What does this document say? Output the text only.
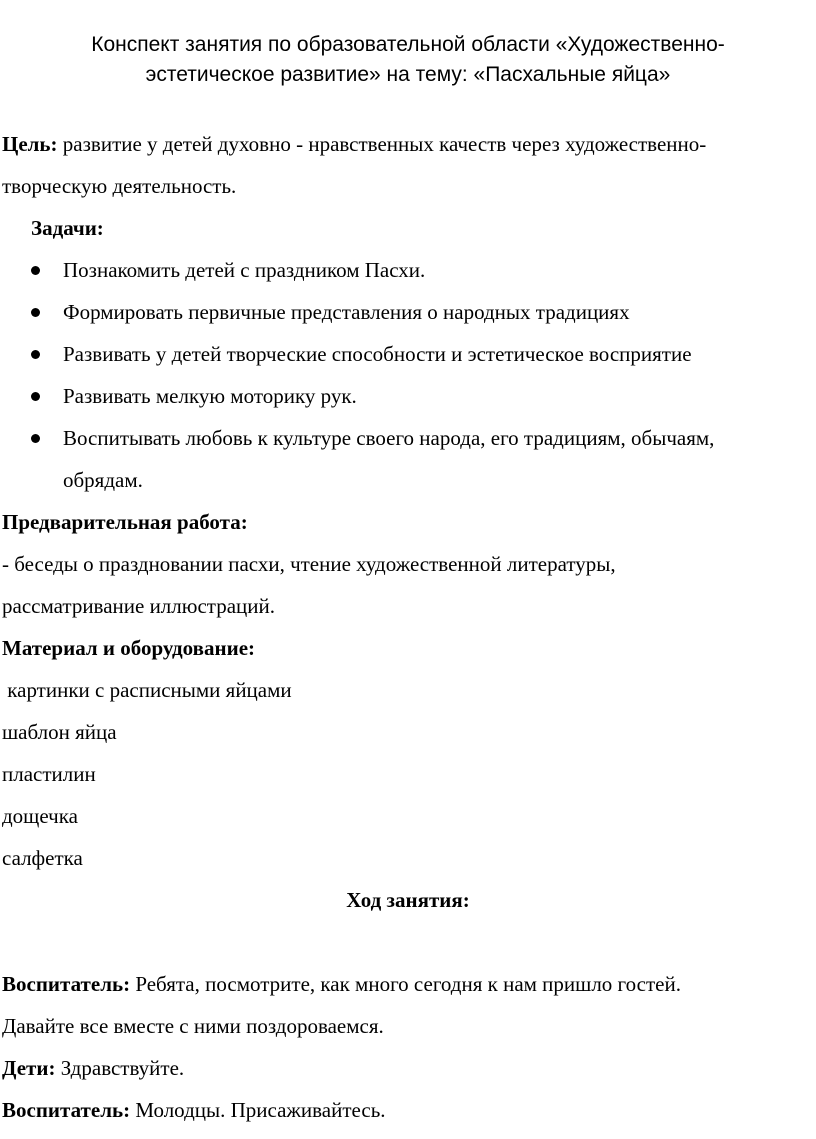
Конспект занятия по образовательной области «Художественно-
эстетическое развитие» на тему: «Пасхальные яйца»
Цель: развитие у детей духовно - нравственных качеств через художественно-
творческую деятельность.
Задачи:
Познакомить детей с праздником Пасхи.
Формировать первичные представления о народных традициях
Развивать у детей творческие способности и эстетическое восприятие
Развивать мелкую моторику рук.
Воспитывать любовь к культуре своего народа, его традициям, обычаям,
обрядам.
Предварительная работа:
- беседы о праздновании пасхи, чтение художественной литературы,
рассматривание иллюстраций.
Материал и оборудование:
картинки с расписными яйцами
шаблон яйца
пластилин
дощечка
салфетка
Ход занятия:
Воспитатель: Ребята, посмотрите, как много сегодня к нам пришло гостей.
Давайте все вместе с ними поздороваемся.
Дети: Здравствуйте.
Воспитатель: Молодцы. Присаживайтесь.
